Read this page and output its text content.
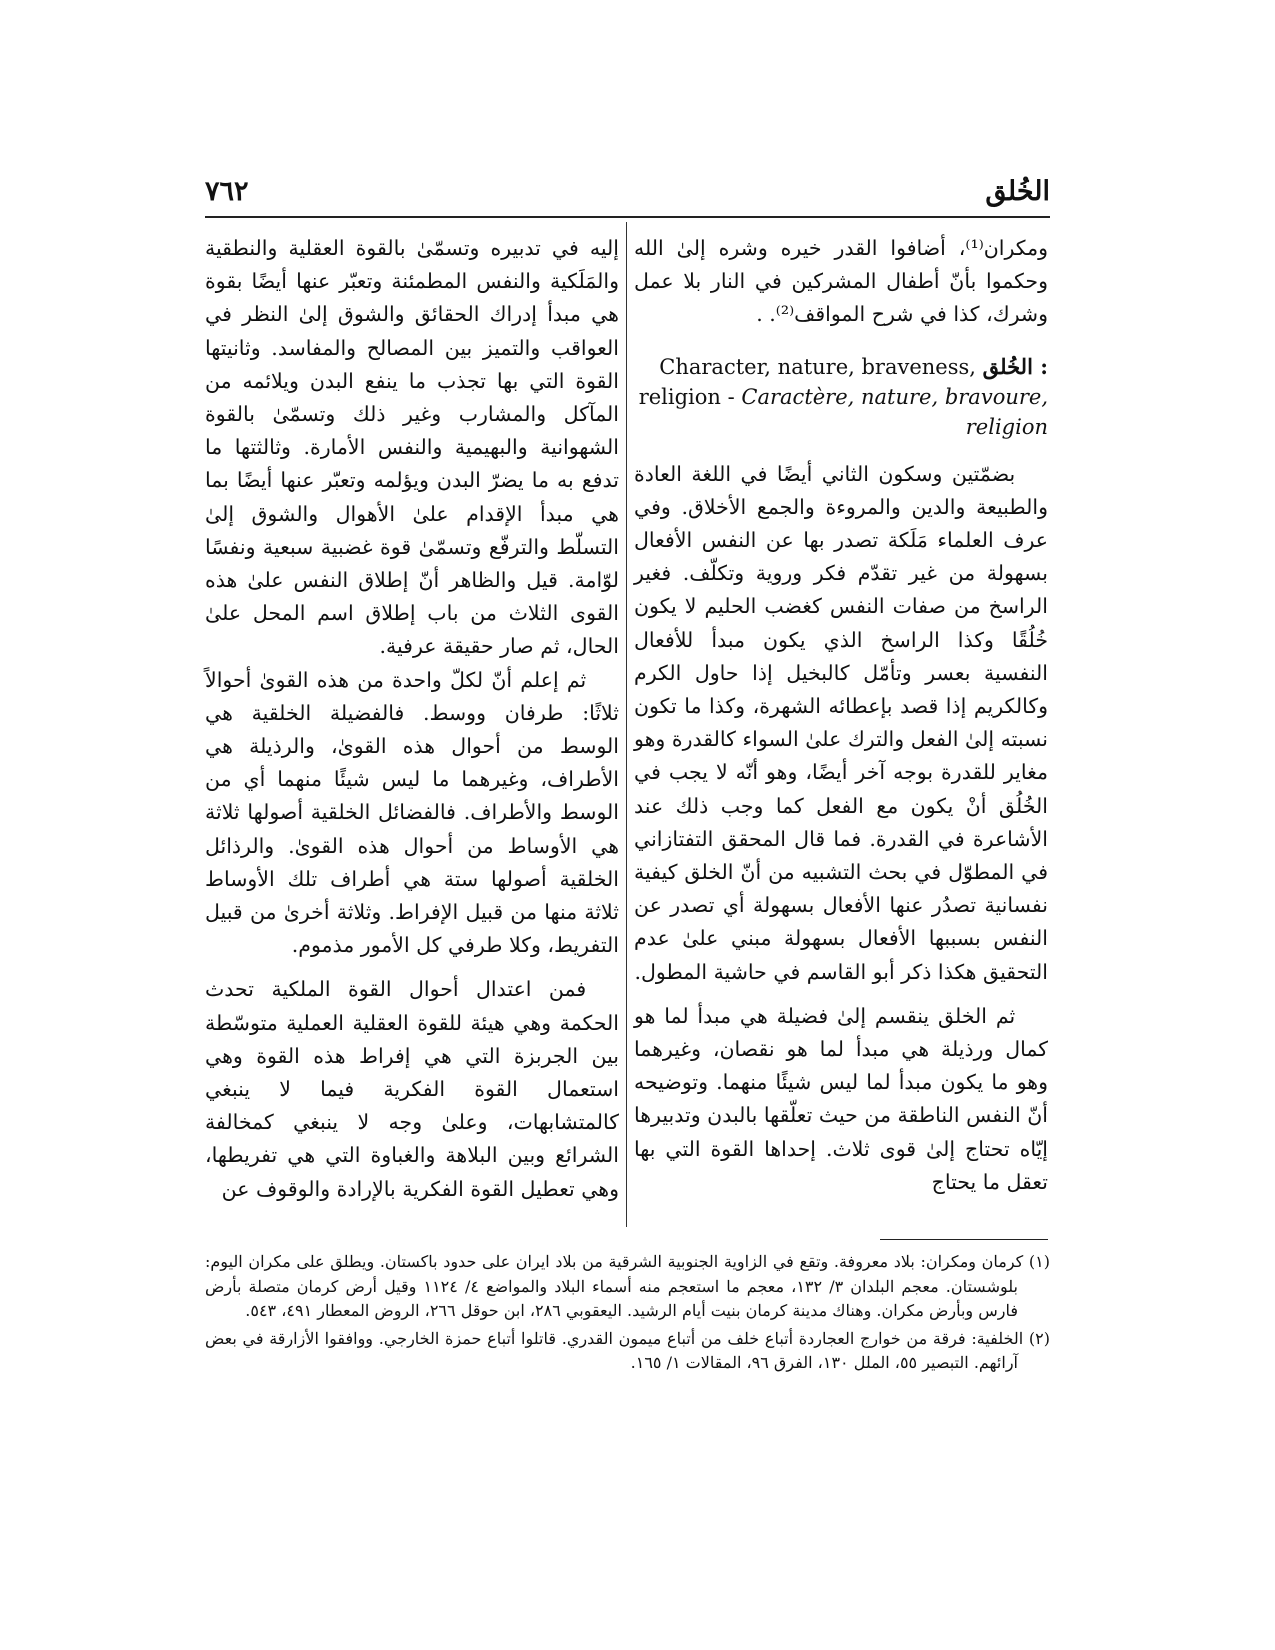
الخُلق
٧٦٢

ومكران⁽¹⁾، أضافوا القدر خيره وشره إلىٰ الله وحكموا بأنّ أطفال المشركين في النار بلا عمل وشرك، كذا في شرح المواقف⁽²⁾. .

Character, nature, braveness, الخُلق :
religion - Caractère, nature, bravoure, religion

بضمّتين وسكون الثاني أيضًا في اللغة العادة والطبيعة والدين والمروءة والجمع الأخلاق. وفي عرف العلماء مَلَكة تصدر بها عن النفس الأفعال بسهولة من غير تقدّم فكر وروية وتكلّف. فغير الراسخ من صفات النفس كغضب الحليم لا يكون خُلُقًا وكذا الراسخ الذي يكون مبدأ للأفعال النفسية بعسر وتأمّل كالبخيل إذا حاول الكرم وكالكريم إذا قصد بإعطائه الشهرة، وكذا ما تكون نسبته إلىٰ الفعل والترك علىٰ السواء كالقدرة وهو مغاير للقدرة بوجه آخر أيضًا، وهو أنّه لا يجب في الخُلُق أنْ يكون مع الفعل كما وجب ذلك عند الأشاعرة في القدرة. فما قال المحقق التفتازاني في المطوّل في بحث التشبيه من أنّ الخلق كيفية نفسانية تصدُر عنها الأفعال بسهولة أي تصدر عن النفس بسببها الأفعال بسهولة مبني علىٰ عدم التحقيق هكذا ذكر أبو القاسم في حاشية المطول.

ثم الخلق ينقسم إلىٰ فضيلة هي مبدأ لما هو كمال ورذيلة هي مبدأ لما هو نقصان، وغيرهما وهو ما يكون مبدأ لما ليس شيئًا منهما. وتوضيحه أنّ النفس الناطقة من حيث تعلّقها بالبدن وتدبيرها إيّاه تحتاج إلىٰ قوى ثلاث. إحداها القوة التي بها تعقل ما يحتاج

إليه في تدبيره وتسمّىٰ بالقوة العقلية والنطقية والمَلَكية والنفس المطمئنة وتعبّر عنها أيضًا بقوة هي مبدأ إدراك الحقائق والشوق إلىٰ النظر في العواقب والتميز بين المصالح والمفاسد. وثانيتها القوة التي بها تجذب ما ينفع البدن ويلائمه من المآكل والمشارب وغير ذلك وتسمّىٰ بالقوة الشهوانية والبهيمية والنفس الأمارة. وثالثتها ما تدفع به ما يضرّ البدن ويؤلمه وتعبّر عنها أيضًا بما هي مبدأ الإقدام علىٰ الأهوال والشوق إلىٰ التسلّط والترفّع وتسمّىٰ قوة غضبية سبعية ونفسًا لوّامة. قيل والظاهر أنّ إطلاق النفس علىٰ هذه القوى الثلاث من باب إطلاق اسم المحل علىٰ الحال، ثم صار حقيقة عرفية.

ثم إعلم أنّ لكلّ واحدة من هذه القوىٰ أحوالاً ثلاثًا: طرفان ووسط. فالفضيلة الخلقية هي الوسط من أحوال هذه القوىٰ، والرذيلة هي الأطراف، وغيرهما ما ليس شيئًا منهما أي من الوسط والأطراف. فالفضائل الخلقية أصولها ثلاثة هي الأوساط من أحوال هذه القوىٰ. والرذائل الخلقية أصولها ستة هي أطراف تلك الأوساط ثلاثة منها من قبيل الإفراط. وثلاثة أخرىٰ من قبيل التفريط، وكلا طرفي كل الأمور مذموم.

فمن اعتدال أحوال القوة الملكية تحدث الحكمة وهي هيئة للقوة العقلية العملية متوسّطة بين الجربزة التي هي إفراط هذه القوة وهي استعمال القوة الفكرية فيما لا ينبغي كالمتشابهات، وعلىٰ وجه لا ينبغي كمخالفة الشرائع وبين البلاهة والغباوة التي هي تفريطها، وهي تعطيل القوة الفكرية بالإرادة والوقوف عن

(١) كرمان ومكران: بلاد معروفة. وتقع في الزاوية الجنوبية الشرقية من بلاد ايران على حدود باكستان. ويطلق على مكران اليوم: بلوشستان. معجم البلدان ٣/ ١٣٢، معجم ما استعجم منه أسماء البلاد والمواضع ٤/ ١١٢٤ وقيل أرض كرمان متصلة بأرض فارس وبأرض مكران. وهناك مدينة كرمان بنيت أيام الرشيد. اليعقوبي ٢٨٦، ابن حوقل ٢٦٦، الروض المعطار ٤٩١، ٥٤٣.

(٢) الخلفية: فرقة من خوارج العجاردة أتباع خلف من أتباع ميمون القدري. قاتلوا أتباع حمزة الخارجي. ووافقوا الأزارقة في بعض آرائهم. التبصير ٥٥، الملل ١٣٠، الفرق ٩٦، المقالات ١/ ١٦٥.
